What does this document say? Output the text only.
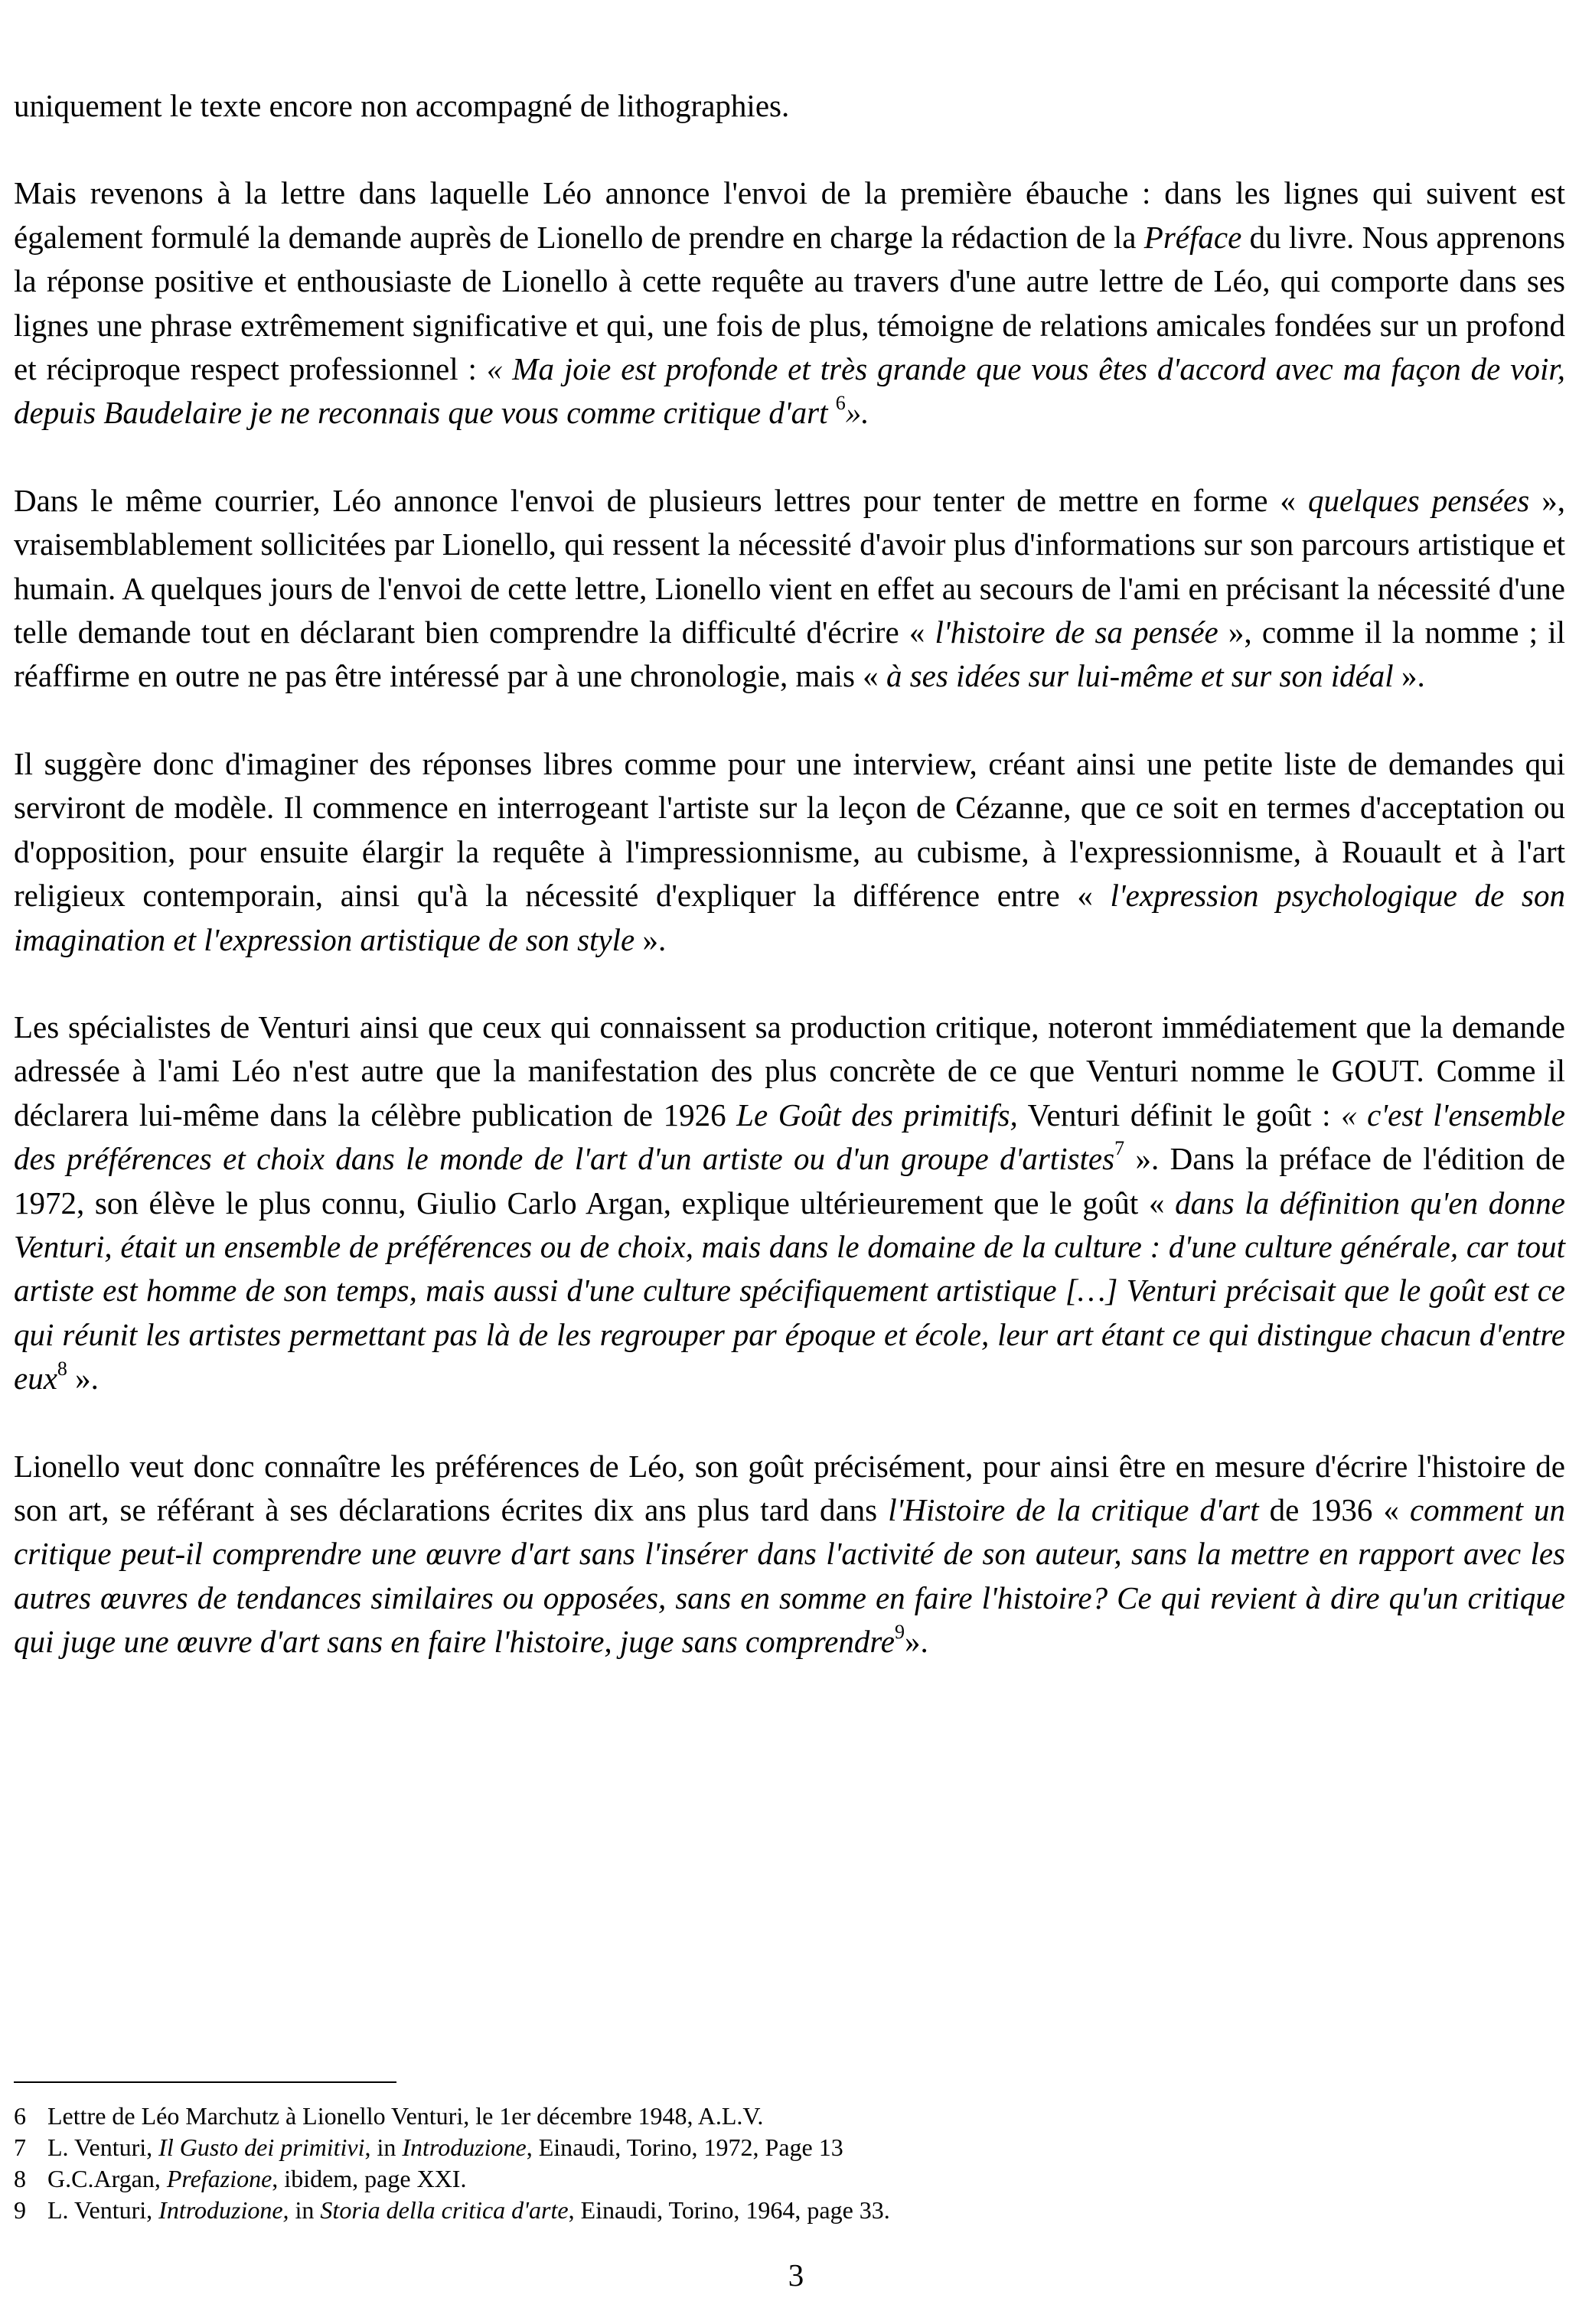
uniquement le texte encore non accompagné de lithographies.

Mais revenons à la lettre dans laquelle Léo annonce l'envoi de la première ébauche : dans les lignes qui suivent est également formulé la demande auprès de Lionello de prendre en charge la rédaction de la Préface du livre. Nous apprenons la réponse positive et enthousiaste de Lionello à cette requête au travers d'une autre lettre de Léo, qui comporte dans ses lignes une phrase extrêmement significative et qui, une fois de plus, témoigne de relations amicales fondées sur un profond et réciproque respect professionnel : « Ma joie est profonde et très grande que vous êtes d'accord avec ma façon de voir, depuis Baudelaire je ne reconnais que vous comme critique d'art $^6$».

Dans le même courrier, Léo annonce l'envoi de plusieurs lettres pour tenter de mettre en forme « quelques pensées », vraisemblablement sollicitées par Lionello, qui ressent la nécessité d'avoir plus d'informations sur son parcours artistique et humain. A quelques jours de l'envoi de cette lettre, Lionello vient en effet au secours de l'ami en précisant la nécessité d'une telle demande tout en déclarant bien comprendre la difficulté d'écrire « l'histoire de sa pensée », comme il la nomme ; il réaffirme en outre ne pas être intéressé par à une chronologie, mais « à ses idées sur lui-même et sur son idéal ».

Il suggère donc d'imaginer des réponses libres comme pour une interview, créant ainsi une petite liste de demandes qui serviront de modèle. Il commence en interrogeant l'artiste sur la leçon de Cézanne, que ce soit en termes d'acceptation ou d'opposition, pour ensuite élargir la requête à l'impressionnisme, au cubisme, à l'expressionnisme, à Rouault et à l'art religieux contemporain, ainsi qu'à la nécessité d'expliquer la différence entre « l'expression psychologique de son imagination et l'expression artistique de son style ».

Les spécialistes de Venturi ainsi que ceux qui connaissent sa production critique, noteront immédiatement que la demande adressée à l'ami Léo n'est autre que la manifestation des plus concrète de ce que Venturi nomme le GOUT. Comme il déclarera lui-même dans la célèbre publication de 1926 Le Goût des primitifs, Venturi définit le goût : « c'est l'ensemble des préférences et choix dans le monde de l'art d'un artiste ou d'un groupe d'artistes$^7$ ». Dans la préface de l'édition de 1972, son élève le plus connu, Giulio Carlo Argan, explique ultérieurement que le goût « dans la définition qu'en donne Venturi, était un ensemble de préférences ou de choix, mais dans le domaine de la culture : d'une culture générale, car tout artiste est homme de son temps, mais aussi d'une culture spécifiquement artistique […] Venturi précisait que le goût est ce qui réunit les artistes permettant pas là de les regrouper par époque et école, leur art étant ce qui distingue chacun d'entre eux$^8$ ».

Lionello veut donc connaître les préférences de Léo, son goût précisément, pour ainsi être en mesure d'écrire l'histoire de son art, se référant à ses déclarations écrites dix ans plus tard dans l'Histoire de la critique d'art de 1936 « comment un critique peut-il comprendre une œuvre d'art sans l'insérer dans l'activité de son auteur, sans la mettre en rapport avec les autres œuvres de tendances similaires ou opposées, sans en somme en faire l'histoire? Ce qui revient à dire qu'un critique qui juge une œuvre d'art sans en faire l'histoire, juge sans comprendre$^9$».

6 Lettre de Léo Marchutz à Lionello Venturi, le 1er décembre 1948, A.L.V.
7 L. Venturi, Il Gusto dei primitivi, in Introduzione, Einaudi, Torino, 1972, Page 13
8 G.C.Argan, Prefazione, ibidem, page XXI.
9 L. Venturi, Introduzione, in Storia della critica d'arte, Einaudi, Torino, 1964, page 33.
3
